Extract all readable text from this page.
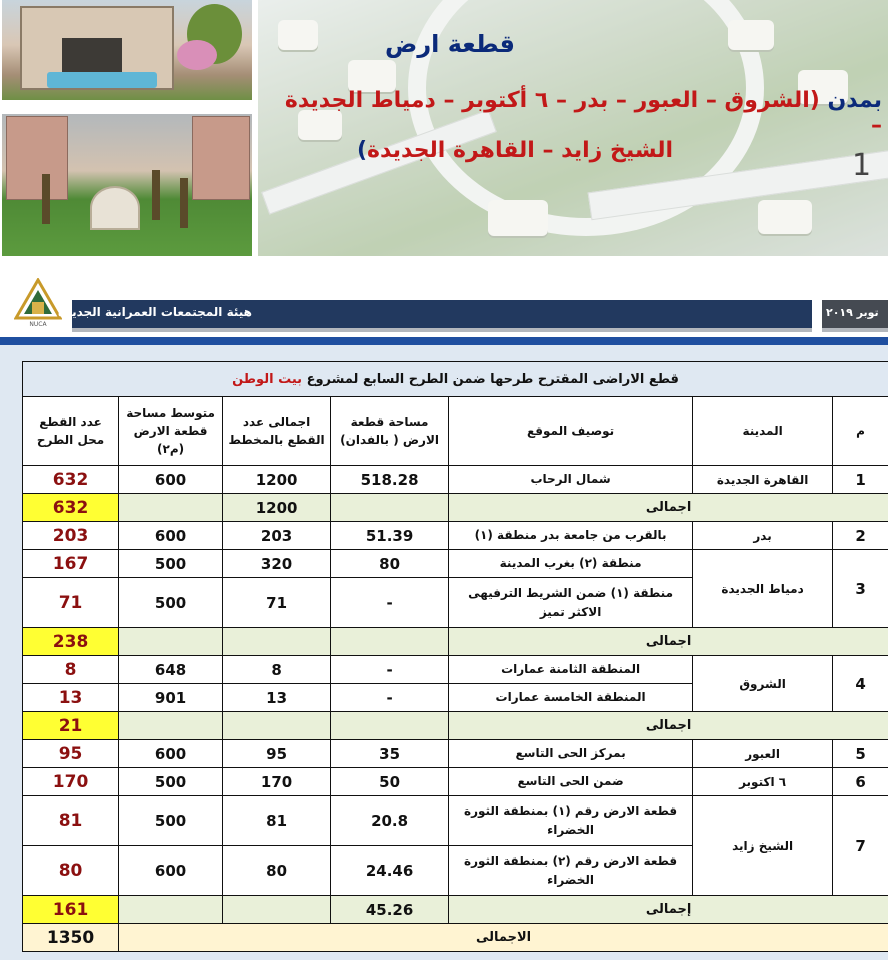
قطعة ارض
بمدن (الشروق – العبور – بدر – ٦ أكتوبر – دمياط الجديدة –
الشيخ زايد – القاهرة الجديدة)	1
NUCA
هيئة المجتمعات العمرانية الجديدة	توبر ٢٠١٩
قطع الاراضى المقترح طرحها ضمن الطرح السابع لمشروع بيت الوطن						
م	المدينة	توصيف الموقع	مساحة قطعة الارض ( بالفدان)	اجمالى عدد القطع بالمخطط	متوسط مساحة قطعة الارض (م٢)	عدد القطع محل الطرح
1	القاهرة الجديدة	شمال الرحاب	518.28	1200	600	632
اجمالى				1200		632
2	بدر	بالقرب من جامعة بدر منطقة (١)	51.39	203	600	203
3	دمياط الجديدة	منطقة (٢) بغرب المدينة	80	320	500	167
		منطقة (١) ضمن الشريط الترفيهى الاكثر تميز	-	71	500	71
اجمالى						238
4	الشروق	المنطقة الثامنة عمارات	-	8	648	8
		المنطقة الخامسة عمارات	-	13	901	13
اجمالى						21
5	العبور	بمركز الحى التاسع	35	95	600	95
6	٦ اكتوبر	ضمن الحى التاسع	50	170	500	170
7	الشيخ زايد	قطعة الارض رقم (١) بمنطقة الثورة الخضراء	20.8	81	500	81
		قطعة الارض رقم (٢) بمنطقة الثورة الخضراء	24.46	80	600	80
إجمالى			45.26			161
الاجمالى						1350
